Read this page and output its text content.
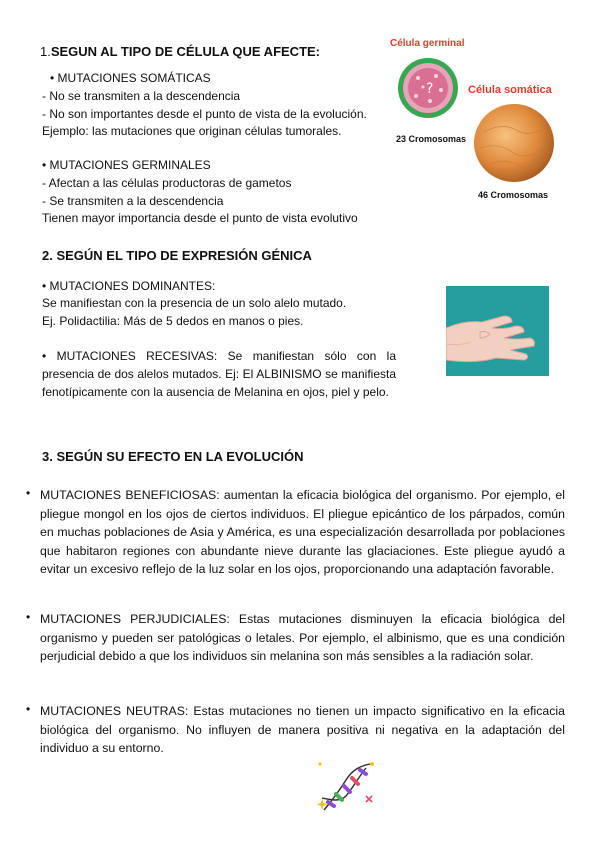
1.SEGUN AL TIPO DE CÉLULA QUE AFECTE:
• MUTACIONES SOMÁTICAS
- No se transmiten a la descendencia
- No son importantes desde el punto de vista de la evolución.
Ejemplo: las mutaciones que originan células tumorales.
• MUTACIONES GERMINALES
- Afectan a las células productoras de gametos
- Se transmiten a la descendencia
Tienen mayor importancia desde el punto de vista evolutivo
Célula germinal
?
23 Cromosomas
Célula somática
46 Cromosomas
2. SEGÚN EL TIPO DE EXPRESIÓN GÉNICA
• MUTACIONES DOMINANTES:
Se manifiestan con la presencia de un solo alelo mutado.
Ej. Polidactilia: Más de 5 dedos en manos o pies.
• MUTACIONES RECESIVAS: Se manifiestan sólo con la presencia de dos alelos mutados. Ej: El ALBINISMO se manifiesta fenotípicamente con la ausencia de Melanina en ojos, piel y pelo.
3. SEGÚN SU EFECTO EN LA EVOLUCIÓN
• MUTACIONES BENEFICIOSAS: aumentan la eficacia biológica del organismo. Por ejemplo, el pliegue mongol en los ojos de ciertos individuos. El pliegue epicántico de los párpados, común en muchas poblaciones de Asia y América, es una especialización desarrollada por poblaciones que habitaron regiones con abundante nieve durante las glaciaciones. Este pliegue ayudó a evitar un excesivo reflejo de la luz solar en los ojos, proporcionando una adaptación favorable.
• MUTACIONES PERJUDICIALES: Estas mutaciones disminuyen la eficacia biológica del organismo y pueden ser patológicas o letales. Por ejemplo, el albinismo, que es una condición perjudicial debido a que los individuos sin melanina son más sensibles a la radiación solar.
• MUTACIONES NEUTRAS: Estas mutaciones no tienen un impacto significativo en la eficacia biológica del organismo. No influyen de manera positiva ni negativa en la adaptación del individuo a su entorno.
